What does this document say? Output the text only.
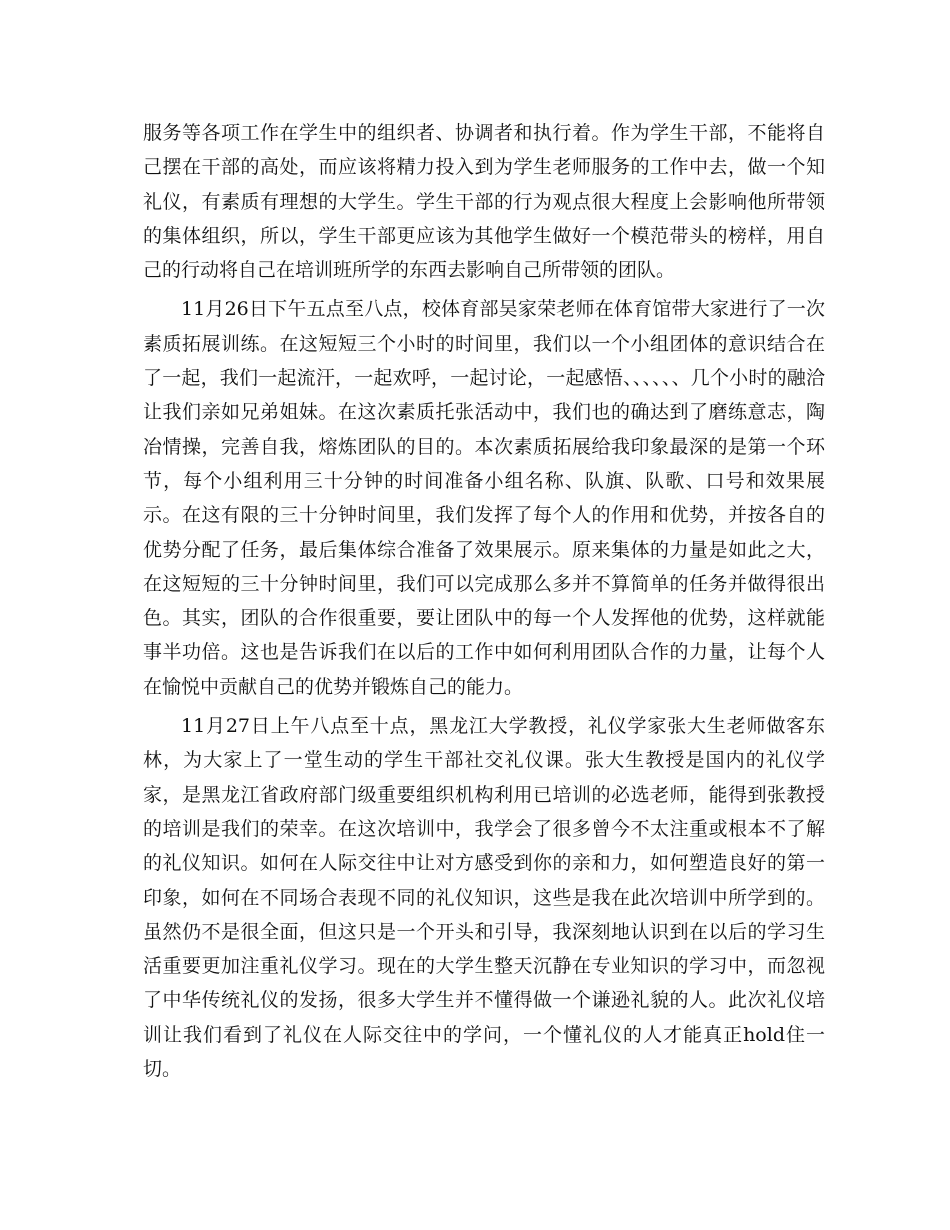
服务等各项工作在学生中的组织者、协调者和执行着。作为学生干部，不能将自己摆在干部的高处，而应该将精力投入到为学生老师服务的工作中去，做一个知礼仪，有素质有理想的大学生。学生干部的行为观点很大程度上会影响他所带领的集体组织，所以，学生干部更应该为其他学生做好一个模范带头的榜样，用自己的行动将自己在培训班所学的东西去影响自己所带领的团队。

11月26日下午五点至八点，校体育部吴家荣老师在体育馆带大家进行了一次素质拓展训练。在这短短三个小时的时间里，我们以一个小组团体的意识结合在了一起，我们一起流汗，一起欢呼，一起讨论，一起感悟、、、、、、几个小时的融洽让我们亲如兄弟姐妹。在这次素质托张活动中，我们也的确达到了磨练意志，陶冶情操，完善自我，熔炼团队的目的。本次素质拓展给我印象最深的是第一个环节，每个小组利用三十分钟的时间准备小组名称、队旗、队歌、口号和效果展示。在这有限的三十分钟时间里，我们发挥了每个人的作用和优势，并按各自的优势分配了任务，最后集体综合准备了效果展示。原来集体的力量是如此之大，在这短短的三十分钟时间里，我们可以完成那么多并不算简单的任务并做得很出色。其实，团队的合作很重要，要让团队中的每一个人发挥他的优势，这样就能事半功倍。这也是告诉我们在以后的工作中如何利用团队合作的力量，让每个人在愉悦中贡献自己的优势并锻炼自己的能力。

11月27日上午八点至十点，黑龙江大学教授，礼仪学家张大生老师做客东林，为大家上了一堂生动的学生干部社交礼仪课。张大生教授是国内的礼仪学家，是黑龙江省政府部门级重要组织机构利用已培训的必选老师，能得到张教授的培训是我们的荣幸。在这次培训中，我学会了很多曾今不太注重或根本不了解的礼仪知识。如何在人际交往中让对方感受到你的亲和力，如何塑造良好的第一印象，如何在不同场合表现不同的礼仪知识，这些是我在此次培训中所学到的。虽然仍不是很全面，但这只是一个开头和引导，我深刻地认识到在以后的学习生活重要更加注重礼仪学习。现在的大学生整天沉静在专业知识的学习中，而忽视了中华传统礼仪的发扬，很多大学生并不懂得做一个谦逊礼貌的人。此次礼仪培训让我们看到了礼仪在人际交往中的学问，一个懂礼仪的人才能真正hold住一切。
